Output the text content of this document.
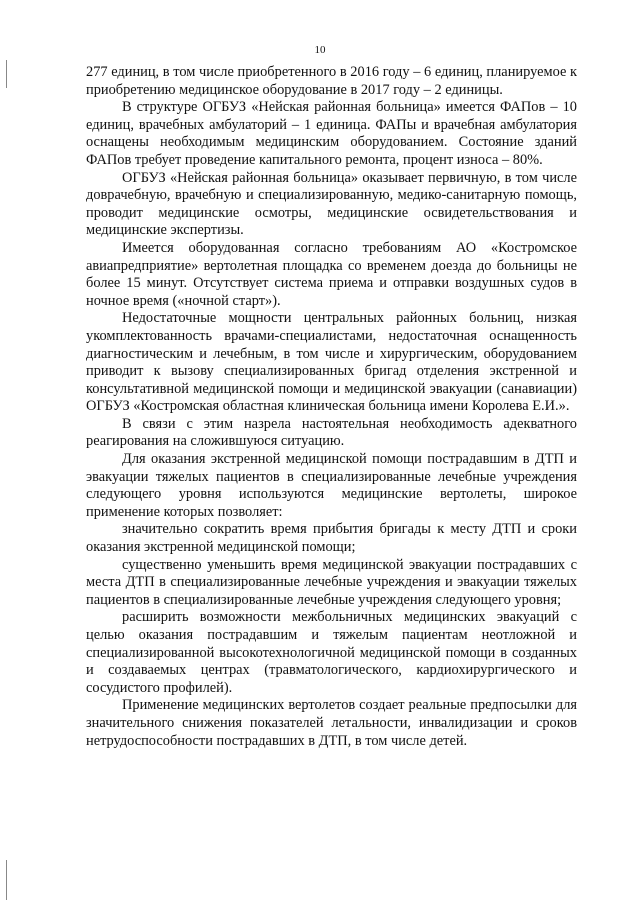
10

277 единиц, в том числе приобретенного в 2016 году – 6 единиц, планируемое к приобретению медицинское оборудование в 2017 году – 2 единицы.

В структуре ОГБУЗ «Нейская районная больница» имеется ФАПов – 10 единиц, врачебных амбулаторий – 1 единица. ФАПы и врачебная амбулатория оснащены необходимым медицинским оборудованием. Состояние зданий ФАПов требует проведение капитального ремонта, процент износа – 80%.

ОГБУЗ «Нейская районная больница» оказывает первичную, в том числе доврачебную, врачебную и специализированную, медико-санитарную помощь, проводит медицинские осмотры, медицинские освидетельствования и медицинские экспертизы.

Имеется оборудованная согласно требованиям АО «Костромское авиапредприятие» вертолетная площадка со временем доезда до больницы не более 15 минут. Отсутствует система приема и отправки воздушных судов в ночное время («ночной старт»).

Недостаточные мощности центральных районных больниц, низкая укомплектованность врачами-специалистами, недостаточная оснащенность диагностическим и лечебным, в том числе и хирургическим, оборудованием приводит к вызову специализированных бригад отделения экстренной и консультативной медицинской помощи и медицинской эвакуации (санавиации) ОГБУЗ «Костромская областная клиническая больница имени Королева Е.И.».

В связи с этим назрела настоятельная необходимость адекватного реагирования на сложившуюся ситуацию.

Для оказания экстренной медицинской помощи пострадавшим в ДТП и эвакуации тяжелых пациентов в специализированные лечебные учреждения следующего уровня используются медицинские вертолеты, широкое применение которых позволяет:

значительно сократить время прибытия бригады к месту ДТП и сроки оказания экстренной медицинской помощи;

существенно уменьшить время медицинской эвакуации пострадавших с места ДТП в специализированные лечебные учреждения и эвакуации тяжелых пациентов в специализированные лечебные учреждения следующего уровня;

расширить возможности межбольничных медицинских эвакуаций с целью оказания пострадавшим и тяжелым пациентам неотложной и специализированной высокотехнологичной медицинской помощи в созданных и создаваемых центрах (травматологического, кардиохирургического и сосудистого профилей).

Применение медицинских вертолетов создает реальные предпосылки для значительного снижения показателей летальности, инвалидизации и сроков нетрудоспособности пострадавших в ДТП, в том числе детей.
